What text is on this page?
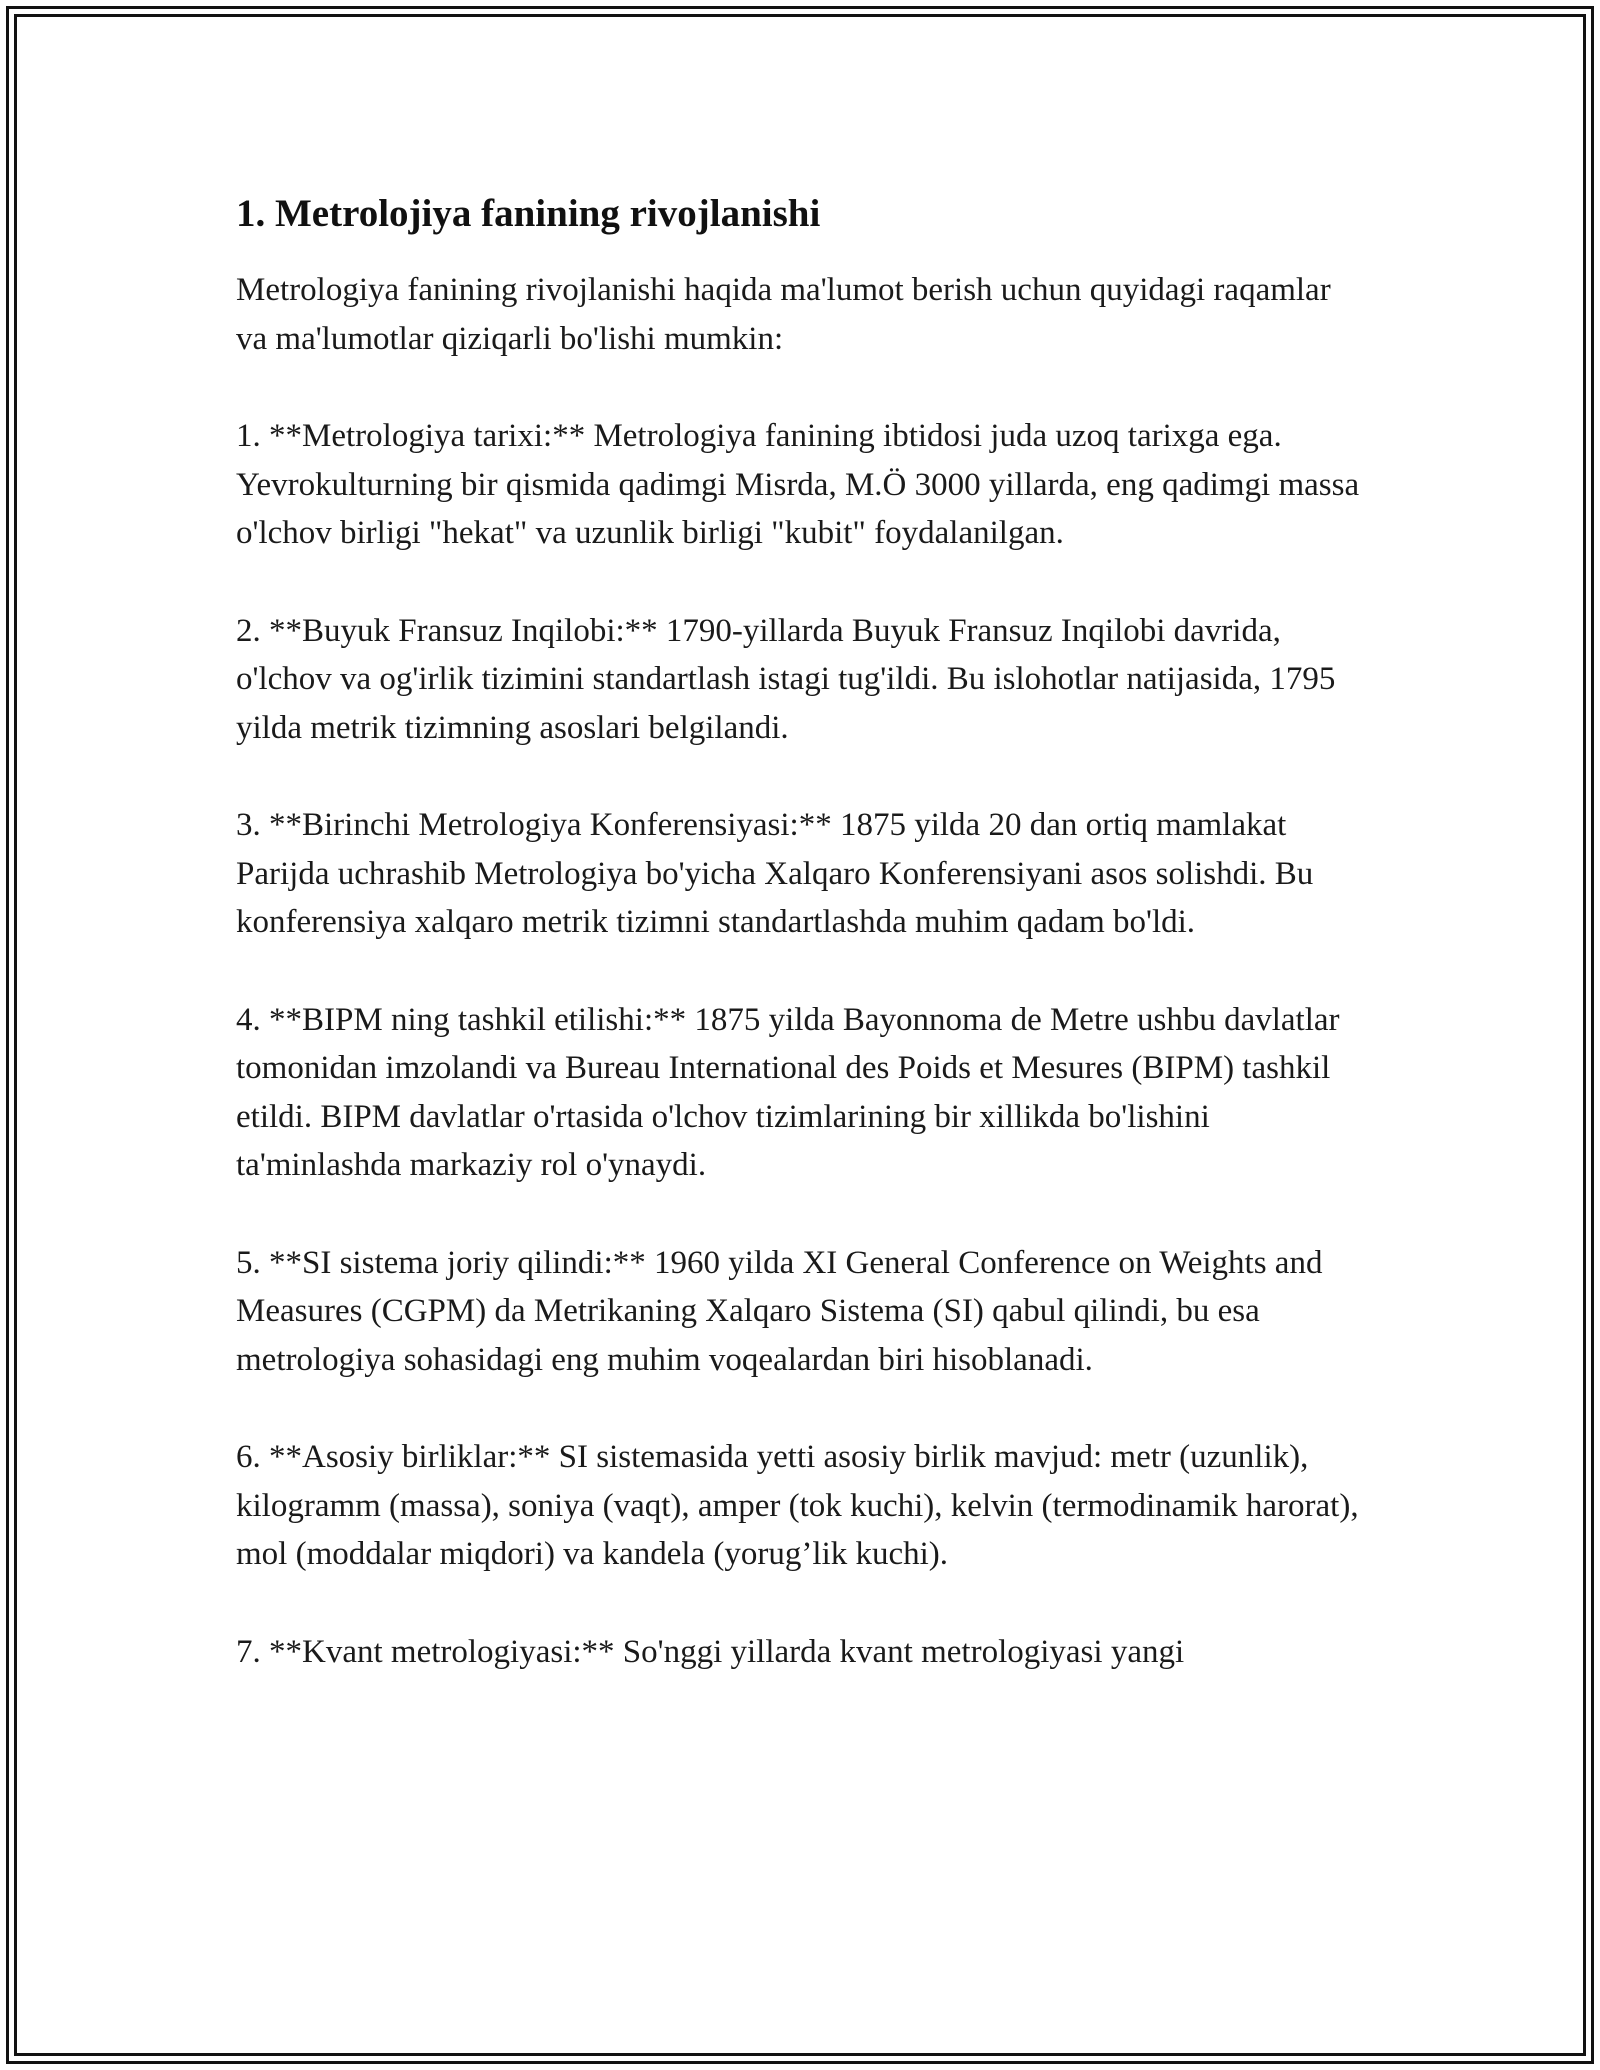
1. Metrolojiya fanining rivojlanishi

Metrologiya fanining rivojlanishi haqida ma'lumot berish uchun quyidagi raqamlar va ma'lumotlar qiziqarli bo'lishi mumkin:

1. **Metrologiya tarixi:** Metrologiya fanining ibtidosi juda uzoq tarixga ega. Yevrokulturning bir qismida qadimgi Misrda, M.Ö 3000 yillarda, eng qadimgi massa o'lchov birligi "hekat" va uzunlik birligi "kubit" foydalanilgan.

2. **Buyuk Fransuz Inqilobi:** 1790-yillarda Buyuk Fransuz Inqilobi davrida, o'lchov va og'irlik tizimini standartlash istagi tug'ildi. Bu islohotlar natijasida, 1795 yilda metrik tizimning asoslari belgilandi.

3. **Birinchi Metrologiya Konferensiyasi:** 1875 yilda 20 dan ortiq mamlakat Parijda uchrashib Metrologiya bo'yicha Xalqaro Konferensiyani asos solishdi. Bu konferensiya xalqaro metrik tizimni standartlashda muhim qadam bo'ldi.

4. **BIPM ning tashkil etilishi:** 1875 yilda Bayonnoma de Metre ushbu davlatlar tomonidan imzolandi va Bureau International des Poids et Mesures (BIPM) tashkil etildi. BIPM davlatlar o'rtasida o'lchov tizimlarining bir xillikda bo'lishini ta'minlashda markaziy rol o'ynaydi.

5. **SI sistema joriy qilindi:** 1960 yilda XI General Conference on Weights and Measures (CGPM) da Metrikaning Xalqaro Sistema (SI) qabul qilindi, bu esa metrologiya sohasidagi eng muhim voqealardan biri hisoblanadi.

6. **Asosiy birliklar:** SI sistemasida yetti asosiy birlik mavjud: metr (uzunlik), kilogramm (massa), soniya (vaqt), amper (tok kuchi), kelvin (termodinamik harorat), mol (moddalar miqdori) va kandela (yorug’lik kuchi).

7. **Kvant metrologiyasi:** So'nggi yillarda kvant metrologiyasi yangi
